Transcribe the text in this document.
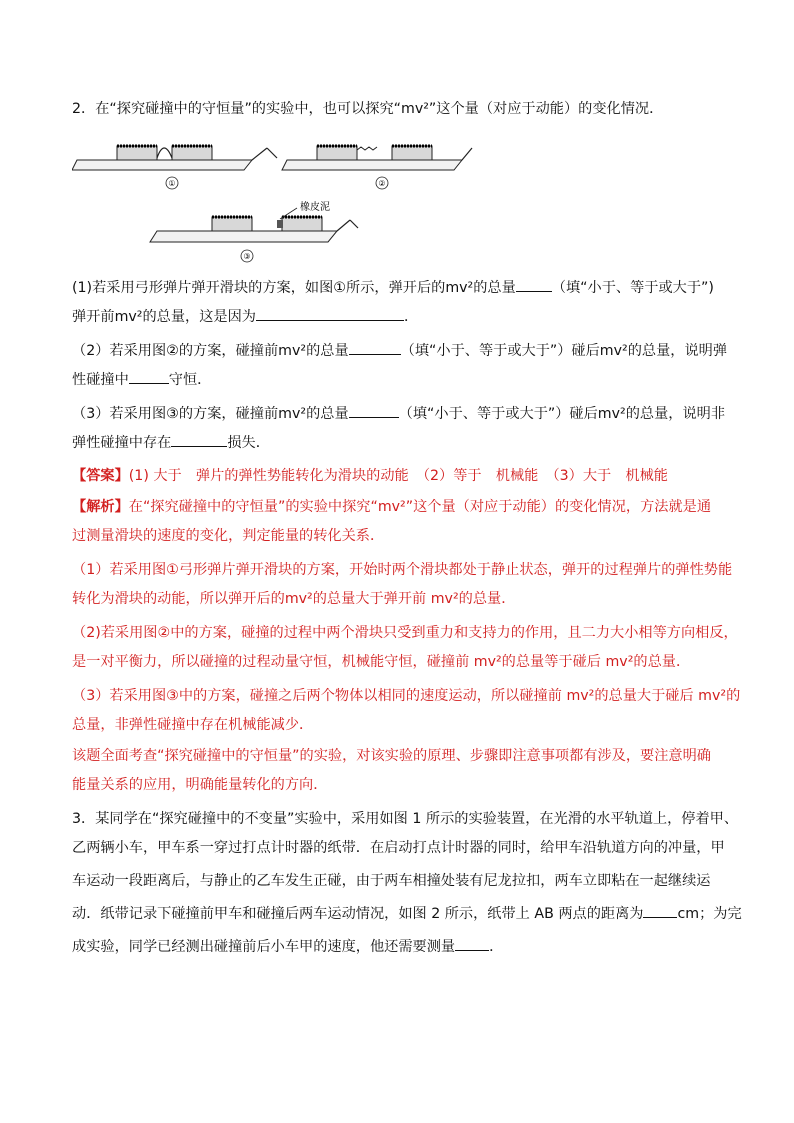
2．在“探究碰撞中的守恒量”的实验中，也可以探究“mv²”这个量（对应于动能）的变化情况．

①	②
橡皮泥
③

(1)若采用弓形弹片弹开滑块的方案，如图①所示，弹开后的mv²的总量	（填“小于、等于或大于”)

弹开前mv²的总量，这是因为	．

（2）若采用图②的方案，碰撞前mv²的总量	（填“小于、等于或大于”）碰后mv²的总量，说明弹

性碰撞中	守恒．

（3）若采用图③的方案，碰撞前mv²的总量	（填“小于、等于或大于”）碰后mv²的总量，说明非

弹性碰撞中存在	损失．

【答案】(1) 大于　弹片的弹性势能转化为滑块的动能　（2）等于　机械能　（3）大于　机械能

【解析】在“探究碰撞中的守恒量”的实验中探究“mv²”这个量（对应于动能）的变化情况，方法就是通

过测量滑块的速度的变化，判定能量的转化关系．

（1）若采用图①弓形弹片弹开滑块的方案，开始时两个滑块都处于静止状态，弹开的过程弹片的弹性势能

转化为滑块的动能，所以弹开后的mv²的总量大于弹开前 mv²的总量．

（2)若采用图②中的方案，碰撞的过程中两个滑块只受到重力和支持力的作用，且二力大小相等方向相反，

是一对平衡力，所以碰撞的过程动量守恒，机械能守恒，碰撞前 mv²的总量等于碰后 mv²的总量．

（3）若采用图③中的方案，碰撞之后两个物体以相同的速度运动，所以碰撞前 mv²的总量大于碰后 mv²的

总量，非弹性碰撞中存在机械能减少．

该题全面考查“探究碰撞中的守恒量”的实验，对该实验的原理、步骤即注意事项都有涉及，要注意明确

能量关系的应用，明确能量转化的方向．

3．某同学在“探究碰撞中的不变量”实验中，采用如图 1 所示的实验装置，在光滑的水平轨道上，停着甲、

乙两辆小车，甲车系一穿过打点计时器的纸带．在启动打点计时器的同时，给甲车沿轨道方向的冲量，甲

车运动一段距离后，与静止的乙车发生正碰，由于两车相撞处装有尼龙拉扣，两车立即粘在一起继续运

动．纸带记录下碰撞前甲车和碰撞后两车运动情况，如图 2 所示，纸带上 AB 两点的距离为 cm；为完

成实验，同学已经测出碰撞前后小车甲的速度，他还需要测量 ．
